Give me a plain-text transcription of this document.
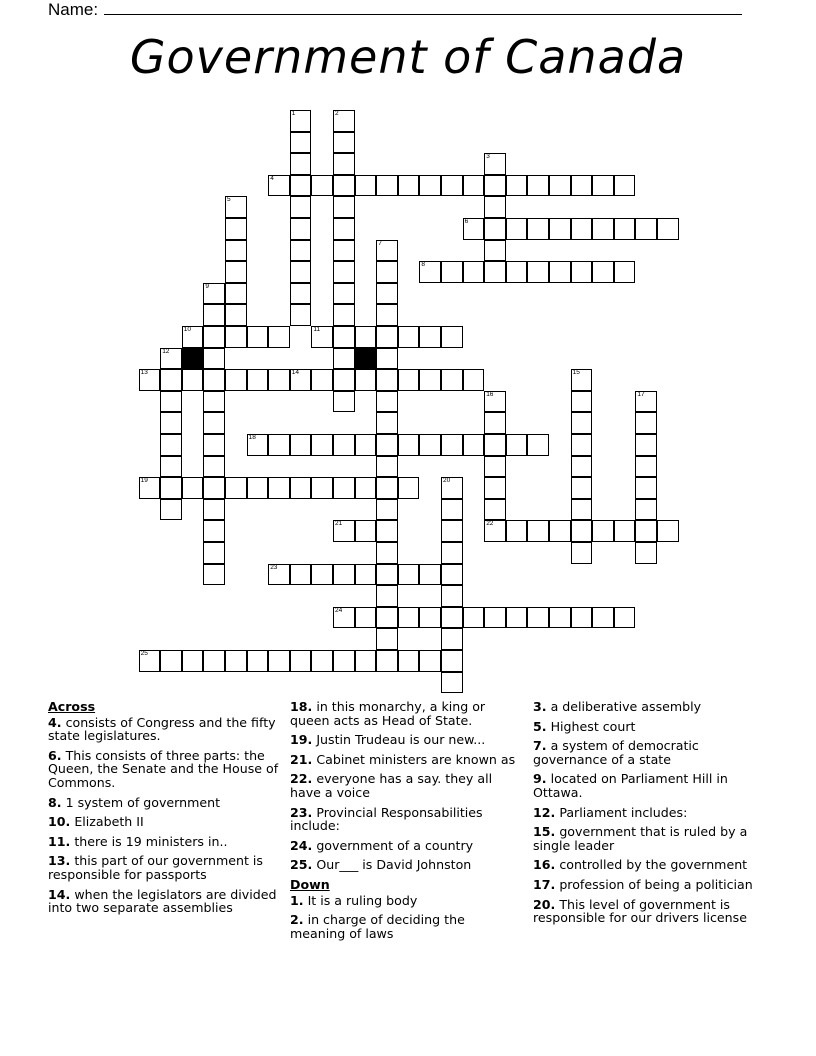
Name:
Government of Canada
1	2
3
4
5
6
7
8
9
10	11
12
13	14	15
16	17
18
19	20
21	22
23
24
25
Across
4. consists of Congress and the fifty state legislatures.
6. This consists of three parts: the Queen, the Senate and the House of Commons.
8. 1 system of government
10. Elizabeth II
11. there is 19 ministers in..
13. this part of our government is responsible for passports
14. when the legislators are divided into two separate assemblies
18. in this monarchy, a king or queen acts as Head of State.
19. Justin Trudeau is our new...
21. Cabinet ministers are known as
22. everyone has a say. they all have a voice
23. Provincial Responsabilities include:
24. government of a country
25. Our___ is David Johnston
Down
1. It is a ruling body
2. in charge of deciding the meaning of laws
3. a deliberative assembly
5. Highest court
7. a system of democratic governance of a state
9. located on Parliament Hill in Ottawa.
12. Parliament includes:
15. government that is ruled by a single leader
16. controlled by the government
17. profession of being a politician
20. This level of government is responsible for our drivers license
